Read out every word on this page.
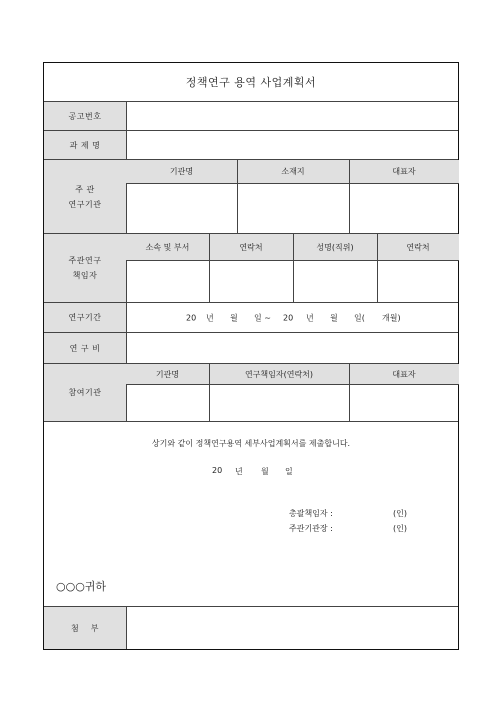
정책연구 용역 사업계획서
공고번호
과 제 명
주 관
연구기관
기관명	소재지	대표자
주관연구
책임자
소속 및 부서	연락처	성명(직위)	연락처
연구기간	20 년 월 일 ~ 20 년 월 일( 개월)
연 구 비
참여기관
기관명	연구책임자(연락처)	대표자
상기와 같이 정책연구용역 세부사업계획서를 제출합니다.
20 년 월 일
총괄책임자 :	(인)
주관기관장 :	(인)
○○○귀하
첨　 부
